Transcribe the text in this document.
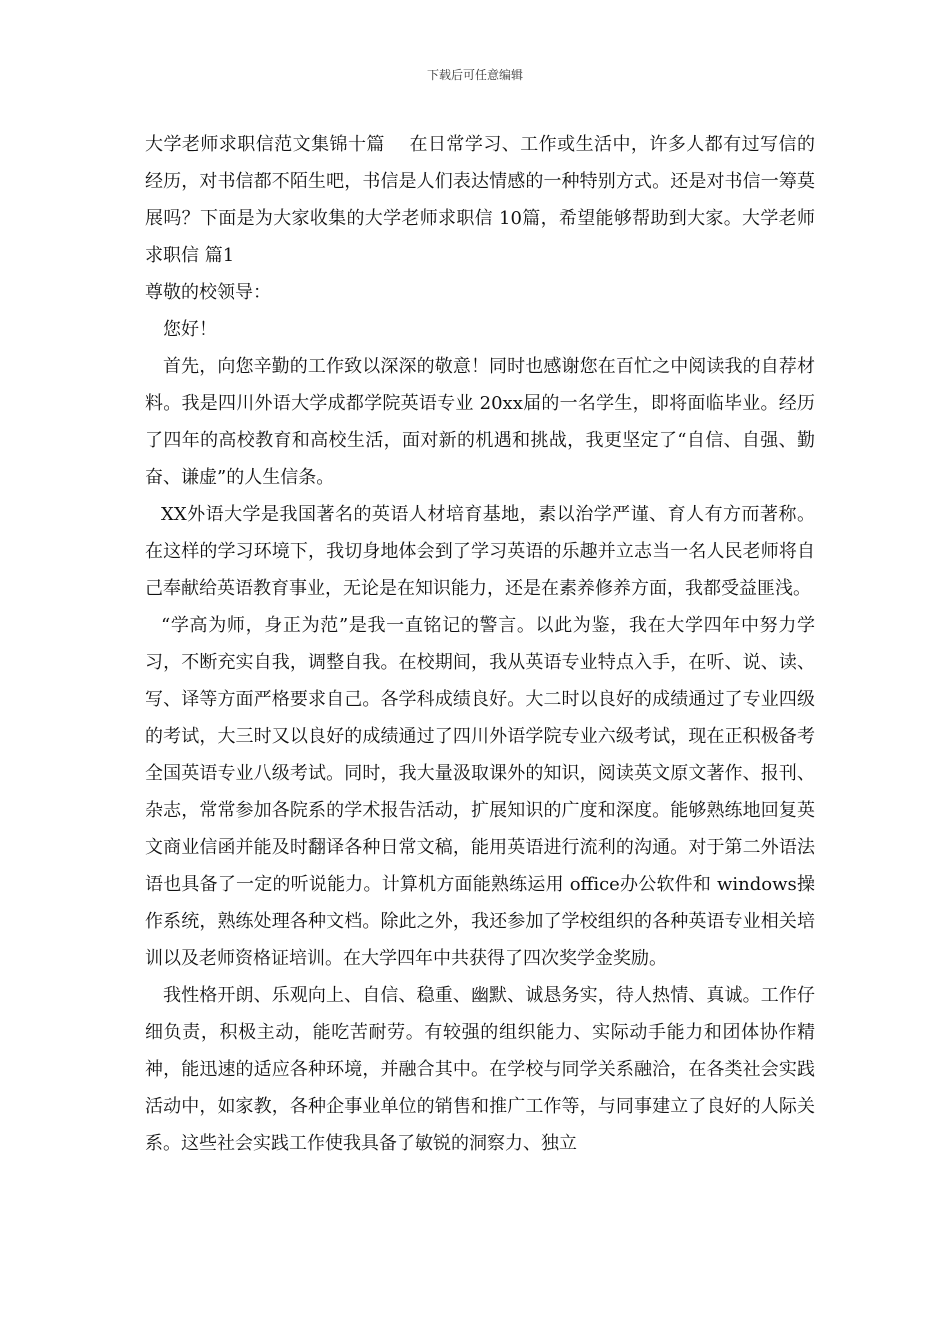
下载后可任意编辑

大学老师求职信范文集锦十篇　 在日常学习、工作或生活中，许多人都有过写信的经历，对书信都不陌生吧，书信是人们表达情感的一种特别方式。还是对书信一筹莫展吗？下面是为大家收集的大学老师求职信 10篇，希望能够帮助到大家。大学老师求职信 篇1

尊敬的校领导：

您好！

首先，向您辛勤的工作致以深深的敬意！同时也感谢您在百忙之中阅读我的自荐材料。我是四川外语大学成都学院英语专业 20xx届的一名学生，即将面临毕业。经历了四年的高校教育和高校生活，面对新的机遇和挑战，我更坚定了“自信、自强、勤奋、谦虚”的人生信条。

XX外语大学是我国著名的英语人材培育基地，素以治学严谨、育人有方而著称。在这样的学习环境下，我切身地体会到了学习英语的乐趣并立志当一名人民老师将自己奉献给英语教育事业，无论是在知识能力，还是在素养修养方面，我都受益匪浅。

“学高为师，身正为范”是我一直铭记的警言。以此为鉴，我在大学四年中努力学习，不断充实自我，调整自我。在校期间，我从英语专业特点入手，在听、说、读、写、译等方面严格要求自己。各学科成绩良好。大二时以良好的成绩通过了专业四级的考试，大三时又以良好的成绩通过了四川外语学院专业六级考试，现在正积极备考全国英语专业八级考试。同时，我大量汲取课外的知识，阅读英文原文著作、报刊、杂志，常常参加各院系的学术报告活动，扩展知识的广度和深度。能够熟练地回复英文商业信函并能及时翻译各种日常文稿，能用英语进行流利的沟通。对于第二外语法语也具备了一定的听说能力。计算机方面能熟练运用 office办公软件和 windows操作系统，熟练处理各种文档。除此之外，我还参加了学校组织的各种英语专业相关培训以及老师资格证培训。在大学四年中共获得了四次奖学金奖励。

我性格开朗、乐观向上、自信、稳重、幽默、诚恳务实，待人热情、真诚。工作仔细负责，积极主动，能吃苦耐劳。有较强的组织能力、实际动手能力和团体协作精神，能迅速的适应各种环境，并融合其中。在学校与同学关系融洽，在各类社会实践活动中，如家教，各种企事业单位的销售和推广工作等，与同事建立了良好的人际关系。这些社会实践工作使我具备了敏锐的洞察力、独立
